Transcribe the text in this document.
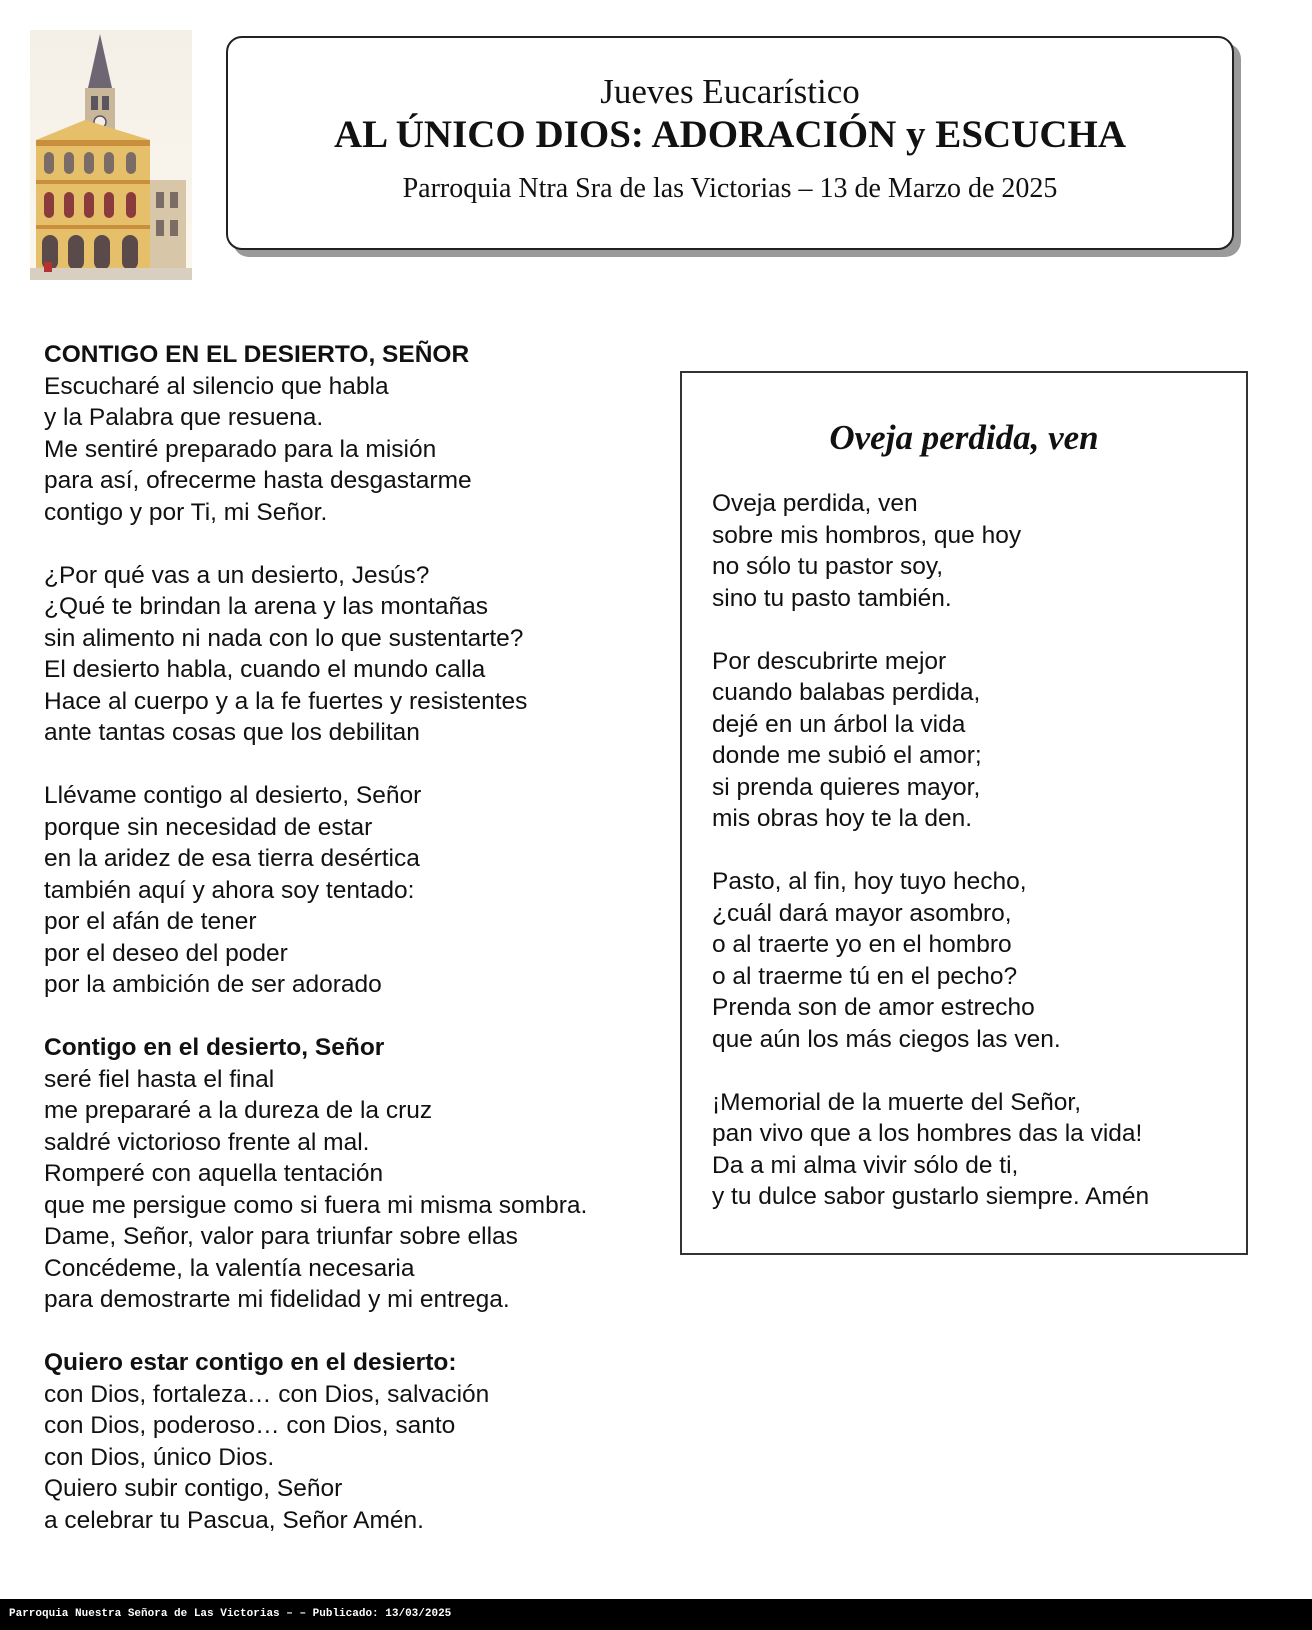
Jueves Eucarístico
AL ÚNICO DIOS: ADORACIÓN y ESCUCHA
Parroquia Ntra Sra de las Victorias – 13 de Marzo de 2025
CONTIGO EN EL DESIERTO, SEÑOR
Escucharé al silencio que habla
y la Palabra que resuena.
Me sentiré preparado para la misión
para así, ofrecerme hasta desgastarme
contigo y por Ti, mi Señor.
¿Por qué vas a un desierto, Jesús?
¿Qué te brindan la arena y las montañas
sin alimento ni nada con lo que sustentarte?
El desierto habla, cuando el mundo calla
Hace al cuerpo y a la fe fuertes y resistentes
ante tantas cosas que los debilitan
Llévame contigo al desierto, Señor
porque sin necesidad de estar
en la aridez de esa tierra desértica
también aquí y ahora soy tentado:
por el afán de tener
por el deseo del poder
por la ambición de ser adorado
Contigo en el desierto, Señor
seré fiel hasta el final
me prepararé a la dureza de la cruz
saldré victorioso frente al mal.
Romperé con aquella tentación
que me persigue como si fuera mi misma sombra.
Dame, Señor, valor para triunfar sobre ellas
Concédeme, la valentía necesaria
para demostrarte mi fidelidad y mi entrega.
Quiero estar contigo en el desierto:
con Dios, fortaleza… con Dios, salvación
con Dios, poderoso… con Dios, santo
con Dios, único Dios.
Quiero subir contigo, Señor
a celebrar tu Pascua, Señor Amén.
Oveja perdida, ven
Oveja perdida, ven
sobre mis hombros, que hoy
no sólo tu pastor soy,
sino tu pasto también.
Por descubrirte mejor
cuando balabas perdida,
dejé en un árbol la vida
donde me subió el amor;
si prenda quieres mayor,
mis obras hoy te la den.
Pasto, al fin, hoy tuyo hecho,
¿cuál dará mayor asombro,
o al traerte yo en el hombro
o al traerme tú en el pecho?
Prenda son de amor estrecho
que aún los más ciegos las ven.
¡Memorial de la muerte del Señor,
pan vivo que a los hombres das la vida!
Da a mi alma vivir sólo de ti,
y tu dulce sabor gustarlo siempre. Amén
Parroquia Nuestra Señora de Las Victorias – – Publicado: 13/03/2025
